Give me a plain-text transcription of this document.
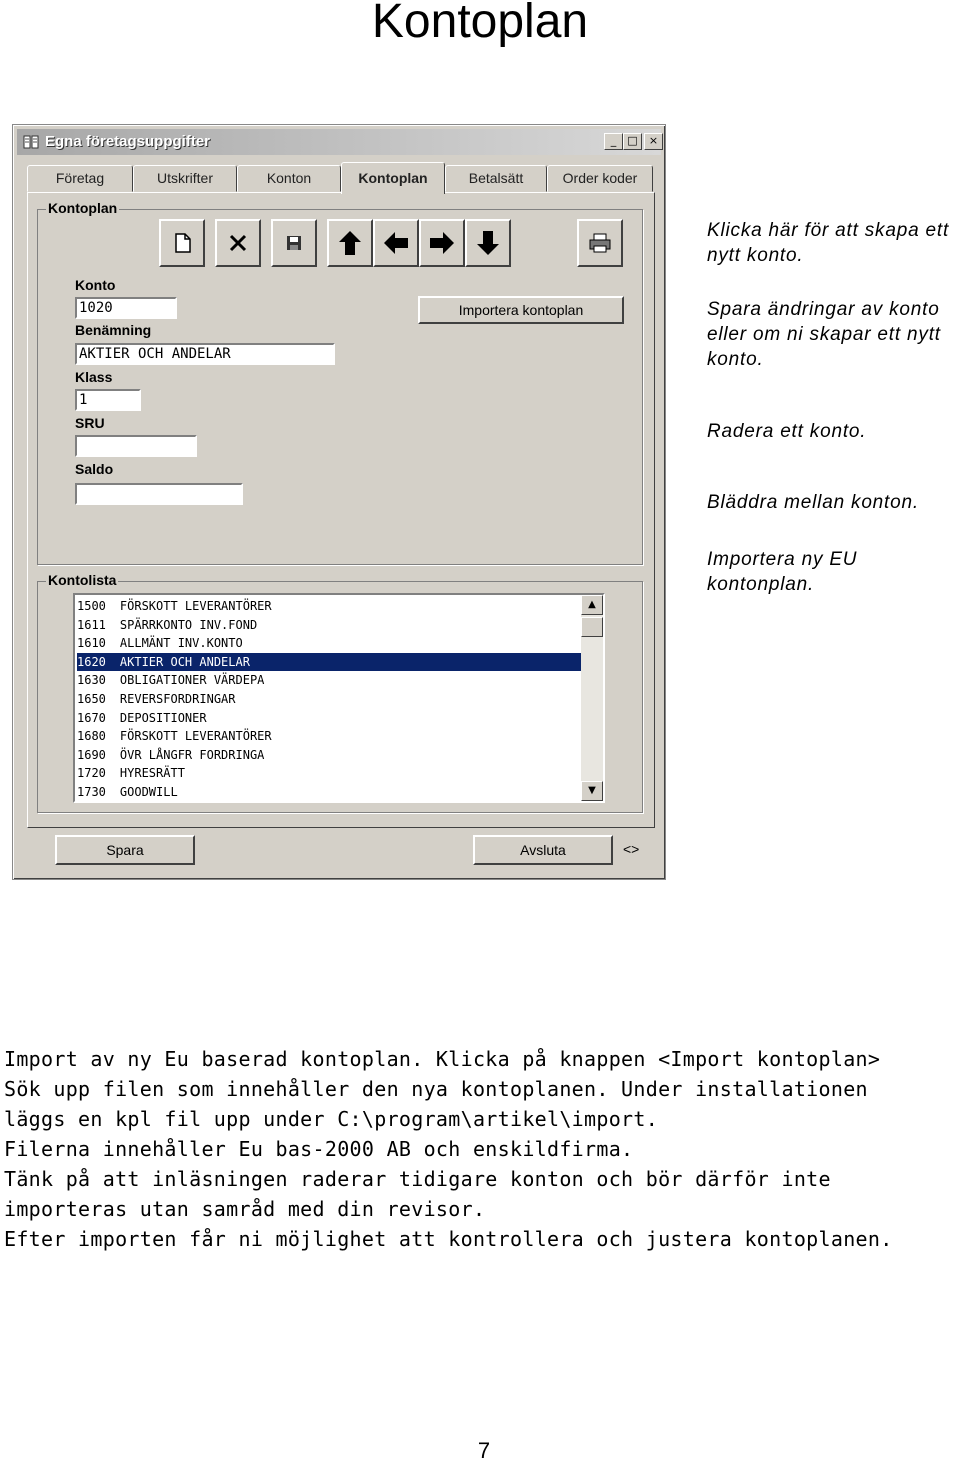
Kontoplan
Egna företagsuppgifter	_	□	×
Företag	Utskrifter	Konton	Kontoplan	Betalsätt	Order koder
Kontoplan
Importera kontoplan
Konto
1020
Benämning
AKTIER OCH ANDELAR
Klass
1
SRU
Saldo
Kontolista
1500 FÖRSKOTT LEVERANTÖRER
1611 SPÄRRKONTO INV.FOND
1610 ALLMÄNT INV.KONTO
1620 AKTIER OCH ANDELAR
1630 OBLIGATIONER VÄRDEPA
1650 REVERSFORDRINGAR
1670 DEPOSITIONER
1680 FÖRSKOTT LEVERANTÖRER
1690 ÖVR LÅNGFR FORDRINGA
1720 HYRESRÄTT
1730 GOODWILL
▲
▼
Spara	Avsluta	<>
Klicka här för att skapa ett nytt konto.
Spara ändringar av konto eller om ni skapar ett nytt konto.
Radera ett konto.
Bläddra mellan konton.
Importera ny EU kontonplan.
Import av ny Eu baserad kontoplan. Klicka på knappen <Import kontoplan>
Sök upp filen som innehåller den nya kontoplanen. Under installationen
läggs en kpl fil upp under C:\program\artikel\import.
Filerna innehåller Eu bas-2000 AB och enskildfirma.
Tänk på att inläsningen raderar tidigare konton och bör därför inte
importeras utan samråd med din revisor.
Efter importen får ni möjlighet att kontrollera och justera kontoplanen.
7
